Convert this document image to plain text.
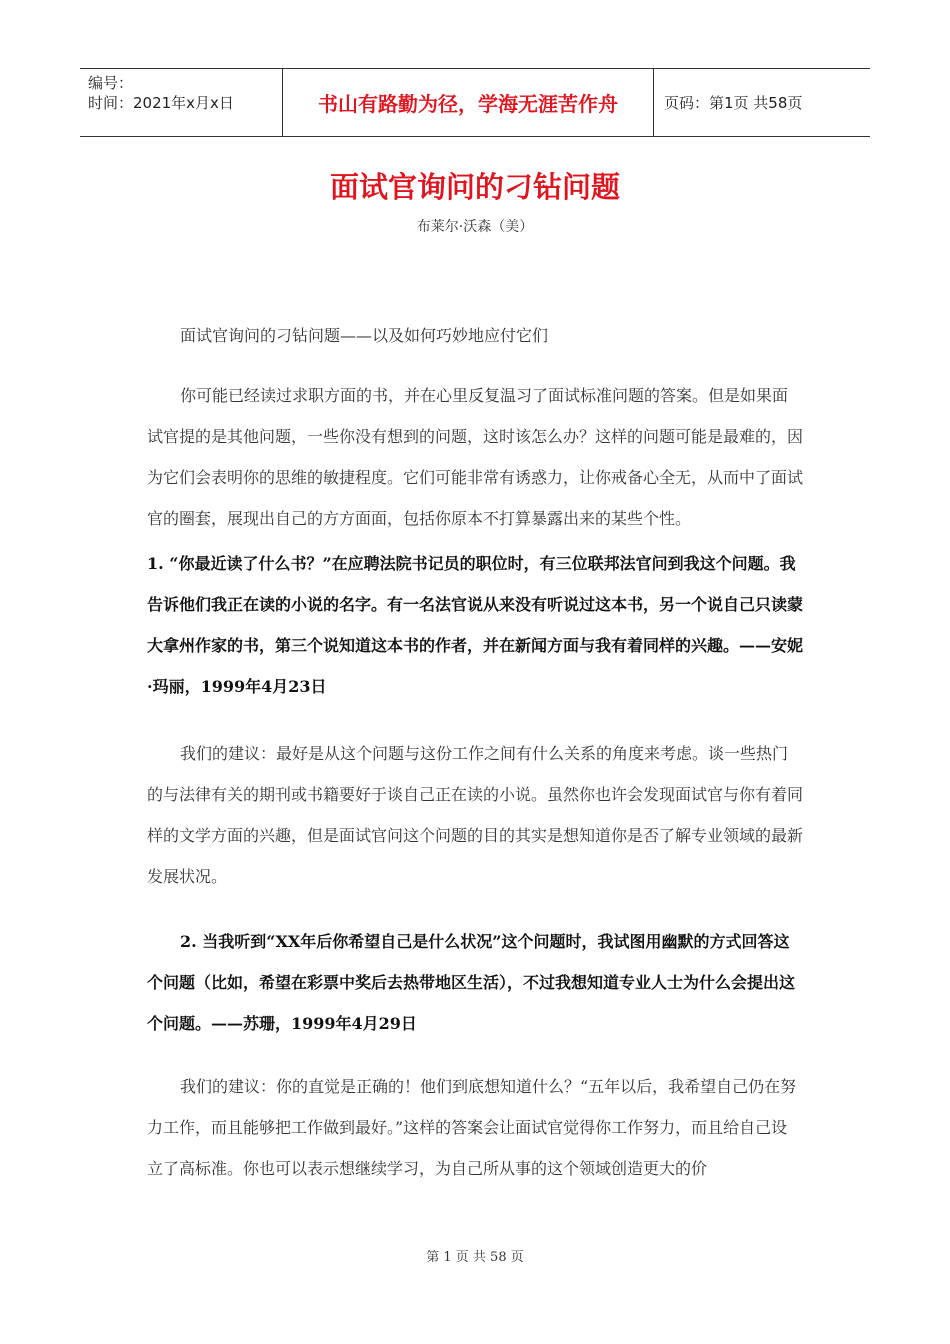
编号：
时间：2021年x月x日	书山有路勤为径，学海无涯苦作舟	页码：第1页 共58页
面试官询问的刁钻问题
布莱尔·沃森（美）

面试官询问的刁钻问题——以及如何巧妙地应付它们

你可能已经读过求职方面的书，并在心里反复温习了面试标准问题的答案。但是如果面试官提的是其他问题，一些你没有想到的问题，这时该怎么办？这样的问题可能是最难的，因为它们会表明你的思维的敏捷程度。它们可能非常有诱惑力，让你戒备心全无，从而中了面试官的圈套，展现出自己的方方面面，包括你原本不打算暴露出来的某些个性。

1. “你最近读了什么书？”在应聘法院书记员的职位时，有三位联邦法官问到我这个问题。我告诉他们我正在读的小说的名字。有一名法官说从来没有听说过这本书，另一个说自己只读蒙大拿州作家的书，第三个说知道这本书的作者，并在新闻方面与我有着同样的兴趣。——安妮·玛丽，1999年4月23日

我们的建议：最好是从这个问题与这份工作之间有什么关系的角度来考虑。谈一些热门的与法律有关的期刊或书籍要好于谈自己正在读的小说。虽然你也许会发现面试官与你有着同样的文学方面的兴趣，但是面试官问这个问题的目的其实是想知道你是否了解专业领域的最新发展状况。

2. 当我听到“XX年后你希望自己是什么状况”这个问题时，我试图用幽默的方式回答这个问题（比如，希望在彩票中奖后去热带地区生活），不过我想知道专业人士为什么会提出这个问题。——苏珊，1999年4月29日

我们的建议：你的直觉是正确的！他们到底想知道什么？“五年以后，我希望自己仍在努力工作，而且能够把工作做到最好。”这样的答案会让面试官觉得你工作努力，而且给自己设立了高标准。你也可以表示想继续学习，为自己所从事的这个领域创造更大的价

第 1 页 共 58 页
